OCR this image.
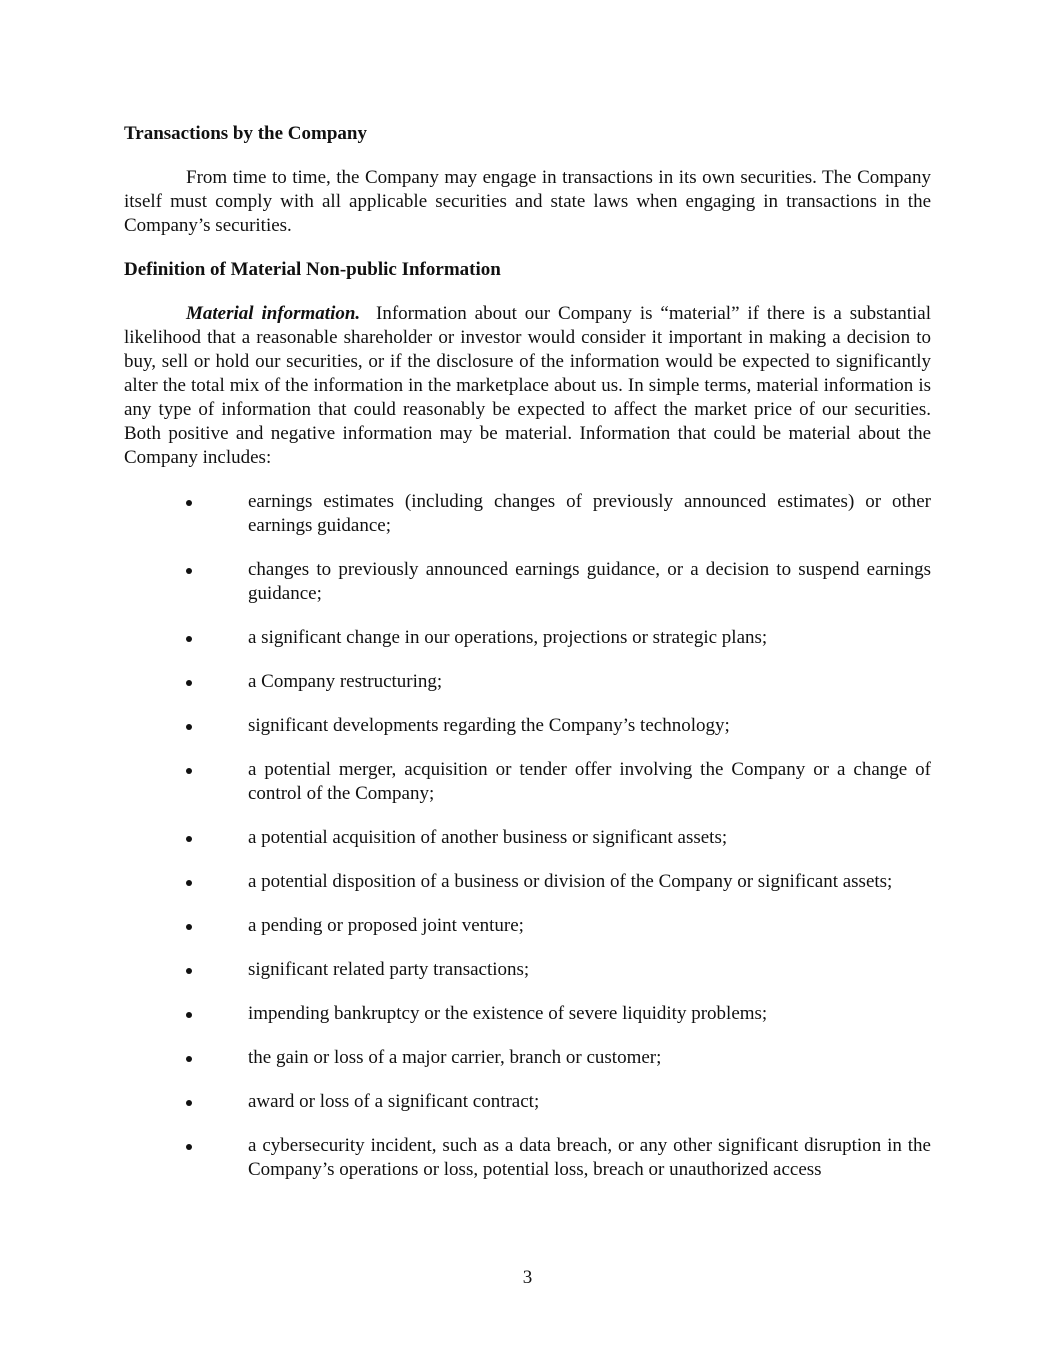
Transactions by the Company

From time to time, the Company may engage in transactions in its own securities. The Company itself must comply with all applicable securities and state laws when engaging in transactions in the Company’s securities.

Definition of Material Non-public Information

Material information. Information about our Company is “material” if there is a substantial likelihood that a reasonable shareholder or investor would consider it important in making a decision to buy, sell or hold our securities, or if the disclosure of the information would be expected to significantly alter the total mix of the information in the marketplace about us. In simple terms, material information is any type of information that could reasonably be expected to affect the market price of our securities. Both positive and negative information may be material. Information that could be material about the Company includes:

earnings estimates (including changes of previously announced estimates) or other earnings guidance;
changes to previously announced earnings guidance, or a decision to suspend earnings guidance;
a significant change in our operations, projections or strategic plans;
a Company restructuring;
significant developments regarding the Company’s technology;
a potential merger, acquisition or tender offer involving the Company or a change of control of the Company;
a potential acquisition of another business or significant assets;
a potential disposition of a business or division of the Company or significant assets;
a pending or proposed joint venture;
significant related party transactions;
impending bankruptcy or the existence of severe liquidity problems;
the gain or loss of a major carrier, branch or customer;
award or loss of a significant contract;
a cybersecurity incident, such as a data breach, or any other significant disruption in the Company’s operations or loss, potential loss, breach or unauthorized access
3
